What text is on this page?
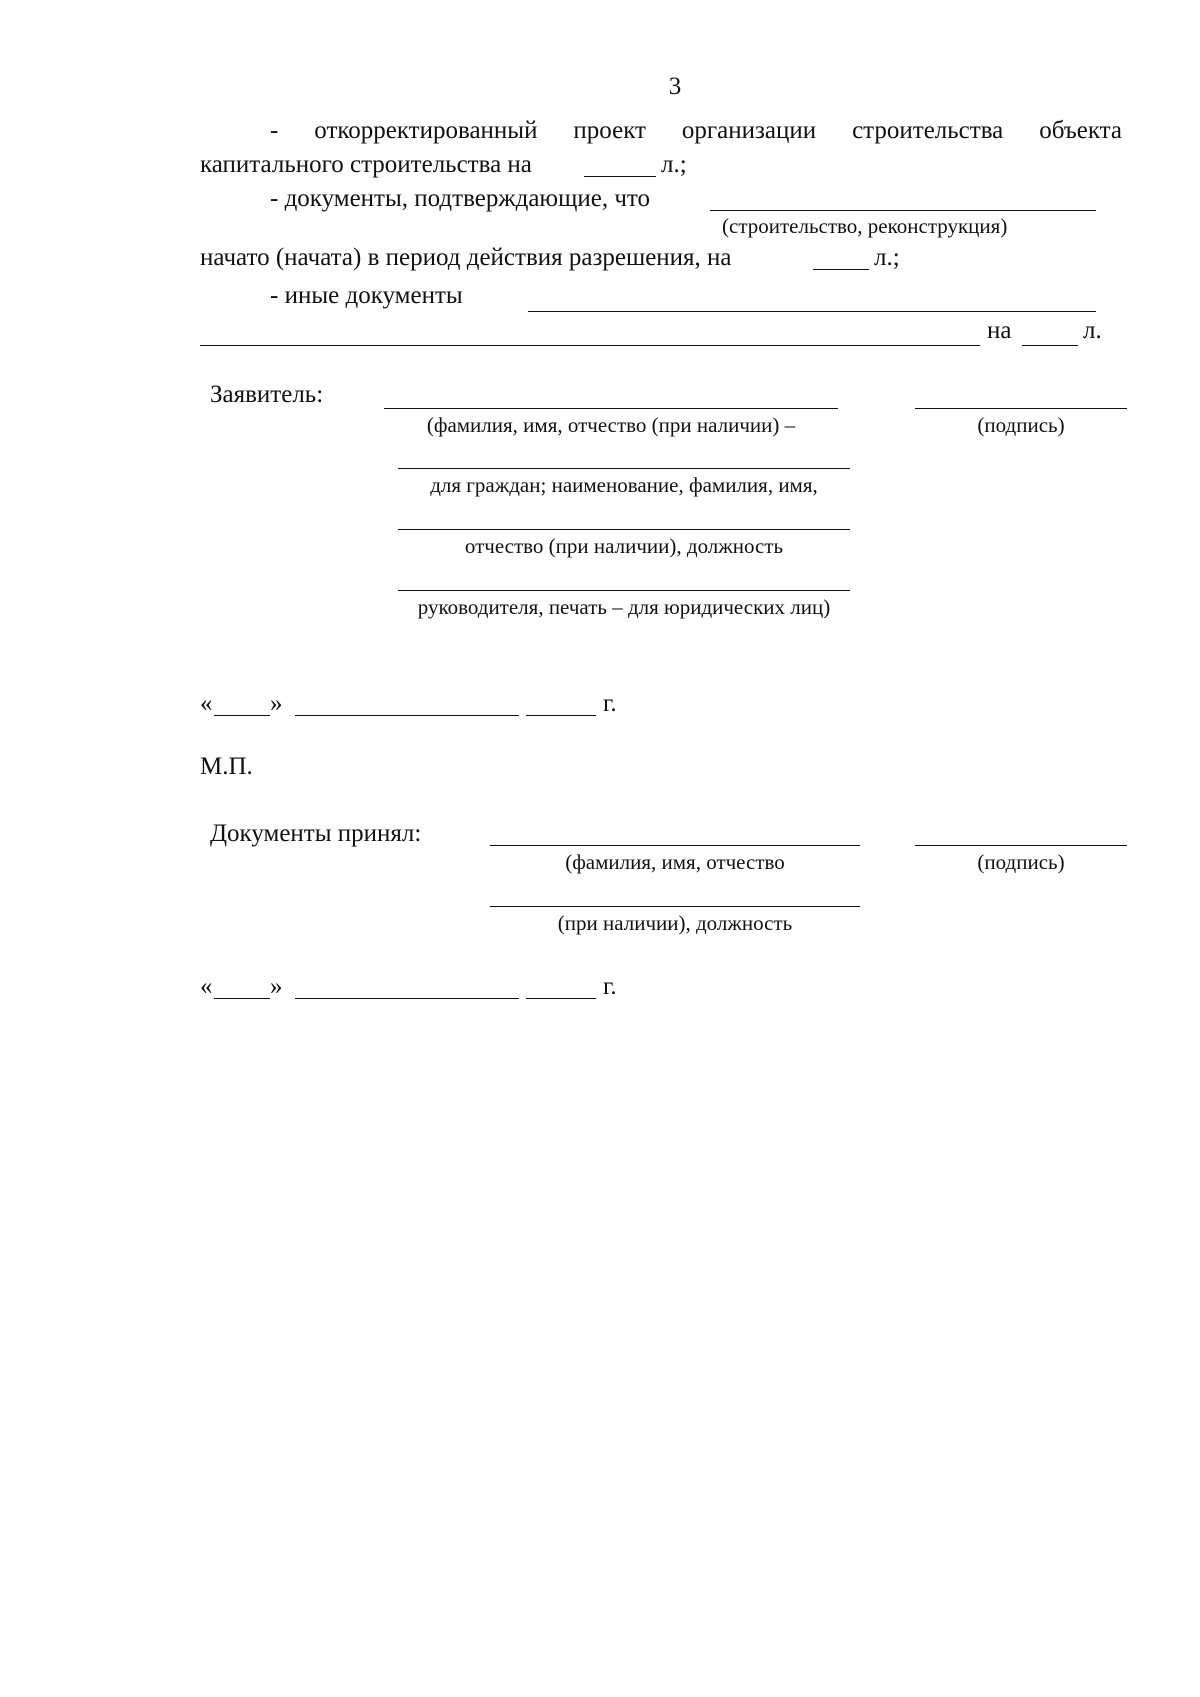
3
- откорректированный проект организации строительства объекта
капитального строительства на	л.;
- документы, подтверждающие, что
(строительство, реконструкция)
начато (начата) в период действия разрешения, на	л.;
- иные документы
на	л.
Заявитель:
(фамилия, имя, отчество (при наличии) –	(подпись)
для граждан; наименование, фамилия, имя,
отчество (при наличии), должность
руководителя, печать – для юридических лиц)
« »	г.
М.П.
Документы принял:
(фамилия, имя, отчество	(подпись)
(при наличии), должность
« »	г.
